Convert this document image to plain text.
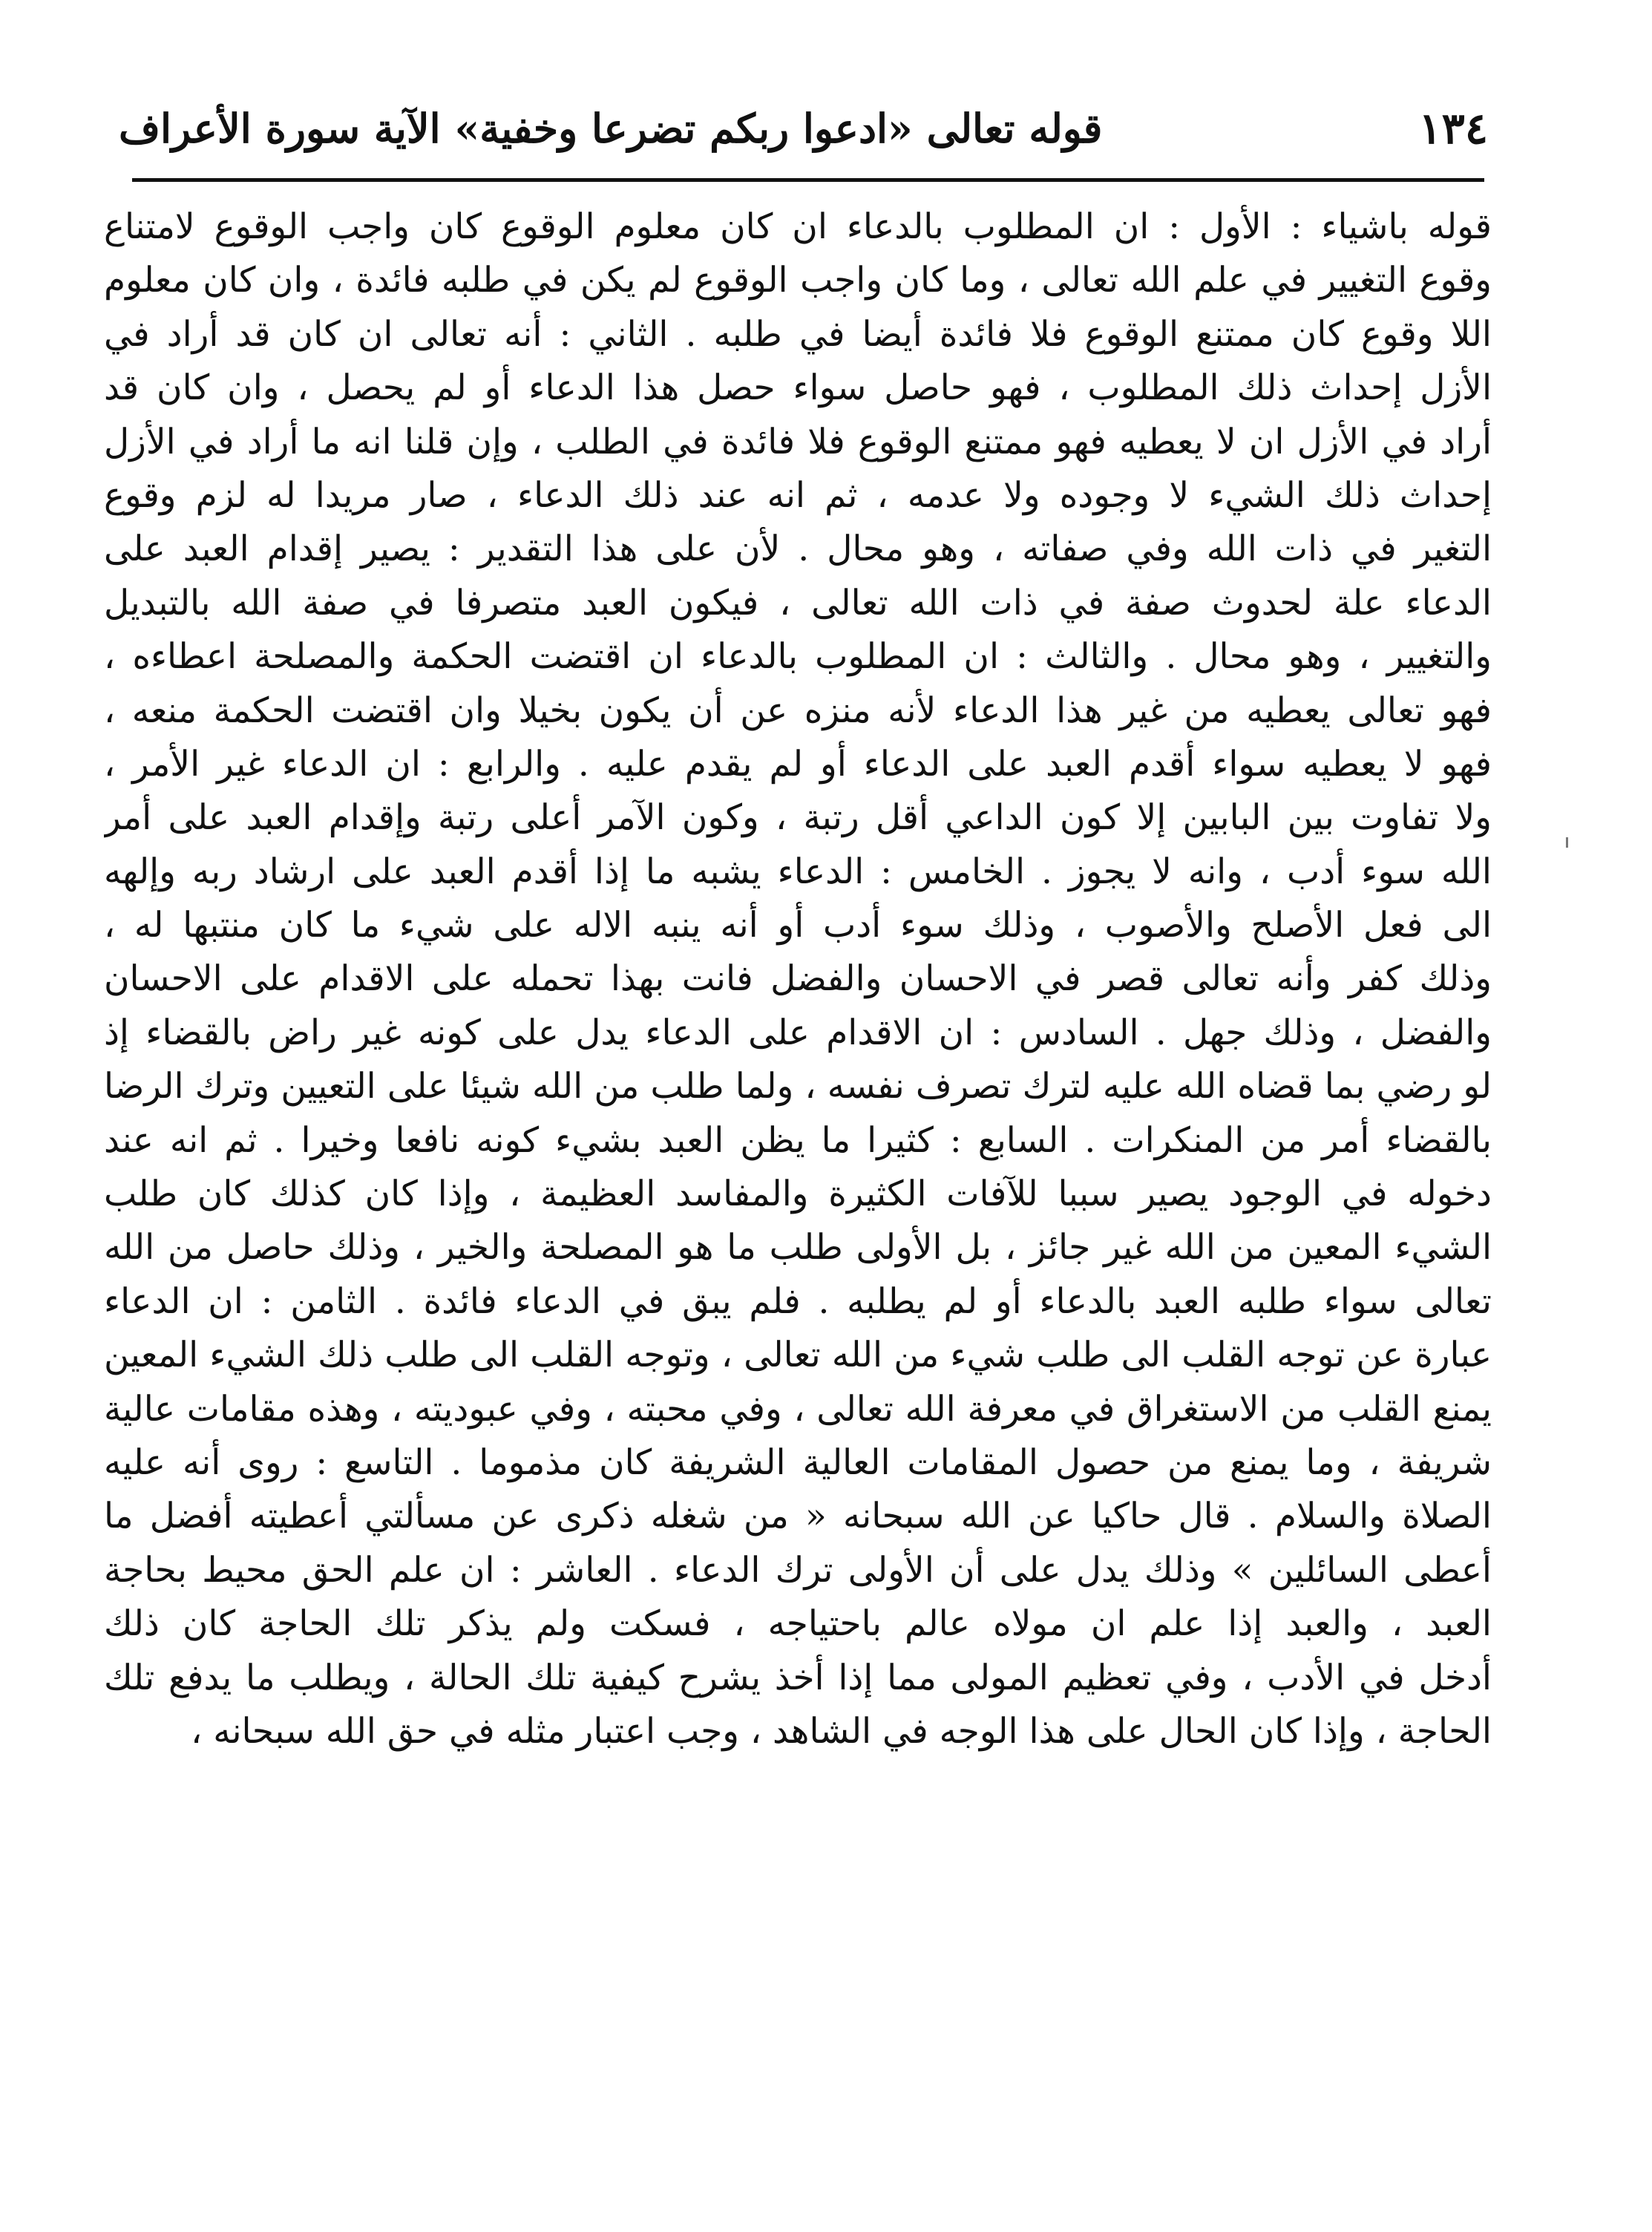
١٣٤
قوله تعالى «ادعوا ربكم تضرعا وخفية» الآية سورة الأعراف
قوله باشياء : الأول : ان المطلوب بالدعاء ان كان معلوم الوقوع كان واجب الوقوع لامتناع
وقوع التغيير في علم الله تعالى ، وما كان واجب الوقوع لم يكن في طلبه فائدة ، وان كان معلوم
اللا وقوع كان ممتنع الوقوع فلا فائدة أيضا في طلبه . الثاني : أنه تعالى ان كان قد أراد في
الأزل إحداث ذلك المطلوب ، فهو حاصل سواء حصل هذا الدعاء أو لم يحصل ، وان كان قد
أراد في الأزل ان لا يعطيه فهو ممتنع الوقوع فلا فائدة في الطلب ، وإن قلنا انه ما أراد في الأزل
إحداث ذلك الشيء لا وجوده ولا عدمه ، ثم انه عند ذلك الدعاء ، صار مريدا له لزم وقوع
التغير في ذات الله وفي صفاته ، وهو محال . لأن على هذا التقدير : يصير إقدام العبد على
الدعاء علة لحدوث صفة في ذات الله تعالى ، فيكون العبد متصرفا في صفة الله بالتبديل
والتغيير ، وهو محال . والثالث : ان المطلوب بالدعاء ان اقتضت الحكمة والمصلحة اعطاءه ،
فهو تعالى يعطيه من غير هذا الدعاء لأنه منزه عن أن يكون بخيلا وان اقتضت الحكمة منعه ،
فهو لا يعطيه سواء أقدم العبد على الدعاء أو لم يقدم عليه . والرابع : ان الدعاء غير الأمر ،
ولا تفاوت بين البابين إلا كون الداعي أقل رتبة ، وكون الآمر أعلى رتبة وإقدام العبد على أمر
الله سوء أدب ، وانه لا يجوز . الخامس : الدعاء يشبه ما إذا أقدم العبد على ارشاد ربه وإلهه
الى فعل الأصلح والأصوب ، وذلك سوء أدب أو أنه ينبه الاله على شيء ما كان منتبها له ،
وذلك كفر وأنه تعالى قصر في الاحسان والفضل فانت بهذا تحمله على الاقدام على الاحسان
والفضل ، وذلك جهل . السادس : ان الاقدام على الدعاء يدل على كونه غير راض بالقضاء إذ
لو رضي بما قضاه الله عليه لترك تصرف نفسه ، ولما طلب من الله شيئا على التعيين وترك الرضا
بالقضاء أمر من المنكرات . السابع : كثيرا ما يظن العبد بشيء كونه نافعا وخيرا . ثم انه عند
دخوله في الوجود يصير سببا للآفات الكثيرة والمفاسد العظيمة ، وإذا كان كذلك كان طلب
الشيء المعين من الله غير جائز ، بل الأولى طلب ما هو المصلحة والخير ، وذلك حاصل من الله
تعالى سواء طلبه العبد بالدعاء أو لم يطلبه . فلم يبق في الدعاء فائدة . الثامن : ان الدعاء
عبارة عن توجه القلب الى طلب شيء من الله تعالى ، وتوجه القلب الى طلب ذلك الشيء المعين
يمنع القلب من الاستغراق في معرفة الله تعالى ، وفي محبته ، وفي عبوديته ، وهذه مقامات عالية
شريفة ، وما يمنع من حصول المقامات العالية الشريفة كان مذموما . التاسع : روى أنه عليه
الصلاة والسلام . قال حاكيا عن الله سبحانه « من شغله ذكرى عن مسألتي أعطيته أفضل ما
أعطى السائلين » وذلك يدل على أن الأولى ترك الدعاء . العاشر : ان علم الحق محيط بحاجة
العبد ، والعبد إذا علم ان مولاه عالم باحتياجه ، فسكت ولم يذكر تلك الحاجة كان ذلك
أدخل في الأدب ، وفي تعظيم المولى مما إذا أخذ يشرح كيفية تلك الحالة ، ويطلب ما يدفع تلك
الحاجة ، وإذا كان الحال على هذا الوجه في الشاهد ، وجب اعتبار مثله في حق الله سبحانه ،
